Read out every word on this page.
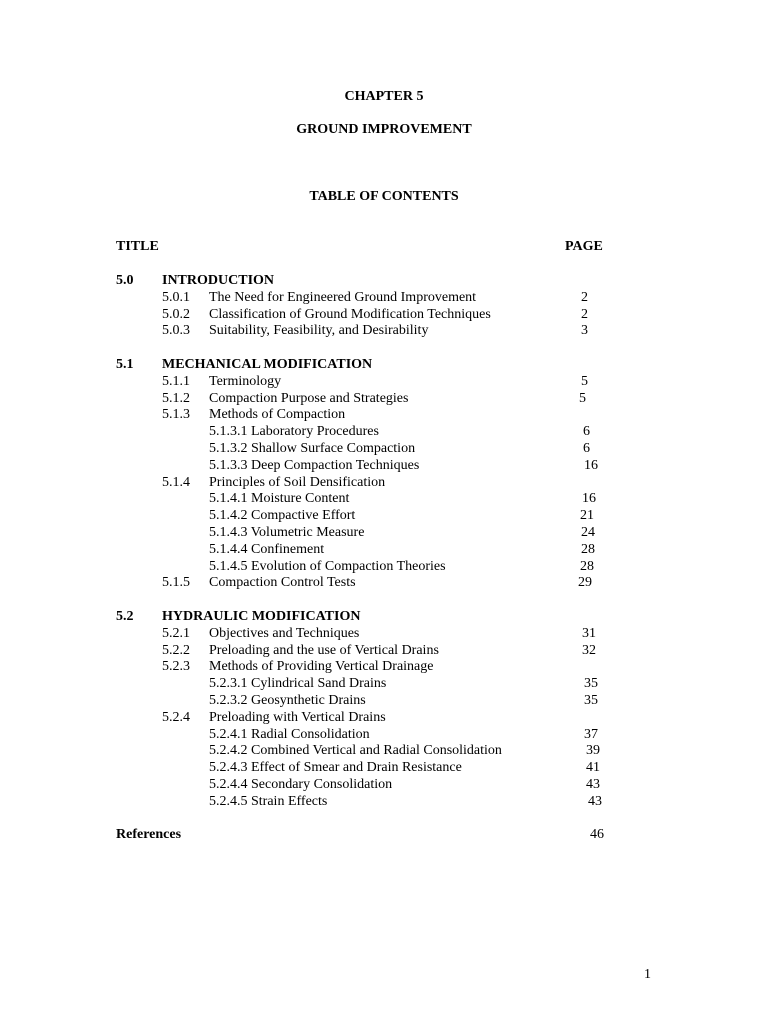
CHAPTER 5
GROUND IMPROVEMENT
TABLE OF CONTENTS
TITLE	PAGE
5.0 INTRODUCTION
5.0.1 The Need for Engineered Ground Improvement	2
5.0.2 Classification of Ground Modification Techniques	2
5.0.3 Suitability, Feasibility, and Desirability	3
5.1 MECHANICAL MODIFICATION
5.1.1 Terminology	5
5.1.2 Compaction Purpose and Strategies	5
5.1.3 Methods of Compaction
5.1.3.1 Laboratory Procedures	6
5.1.3.2 Shallow Surface Compaction	6
5.1.3.3 Deep Compaction Techniques	16
5.1.4 Principles of Soil Densification
5.1.4.1 Moisture Content	16
5.1.4.2 Compactive Effort	21
5.1.4.3 Volumetric Measure	24
5.1.4.4 Confinement	28
5.1.4.5 Evolution of Compaction Theories	28
5.1.5 Compaction Control Tests	29
5.2 HYDRAULIC MODIFICATION
5.2.1 Objectives and Techniques	31
5.2.2 Preloading and the use of Vertical Drains	32
5.2.3 Methods of Providing Vertical Drainage
5.2.3.1 Cylindrical Sand Drains	35
5.2.3.2 Geosynthetic Drains	35
5.2.4 Preloading with Vertical Drains
5.2.4.1 Radial Consolidation	37
5.2.4.2 Combined Vertical and Radial Consolidation	39
5.2.4.3 Effect of Smear and Drain Resistance	41
5.2.4.4 Secondary Consolidation	43
5.2.4.5 Strain Effects	43
References	46
1
